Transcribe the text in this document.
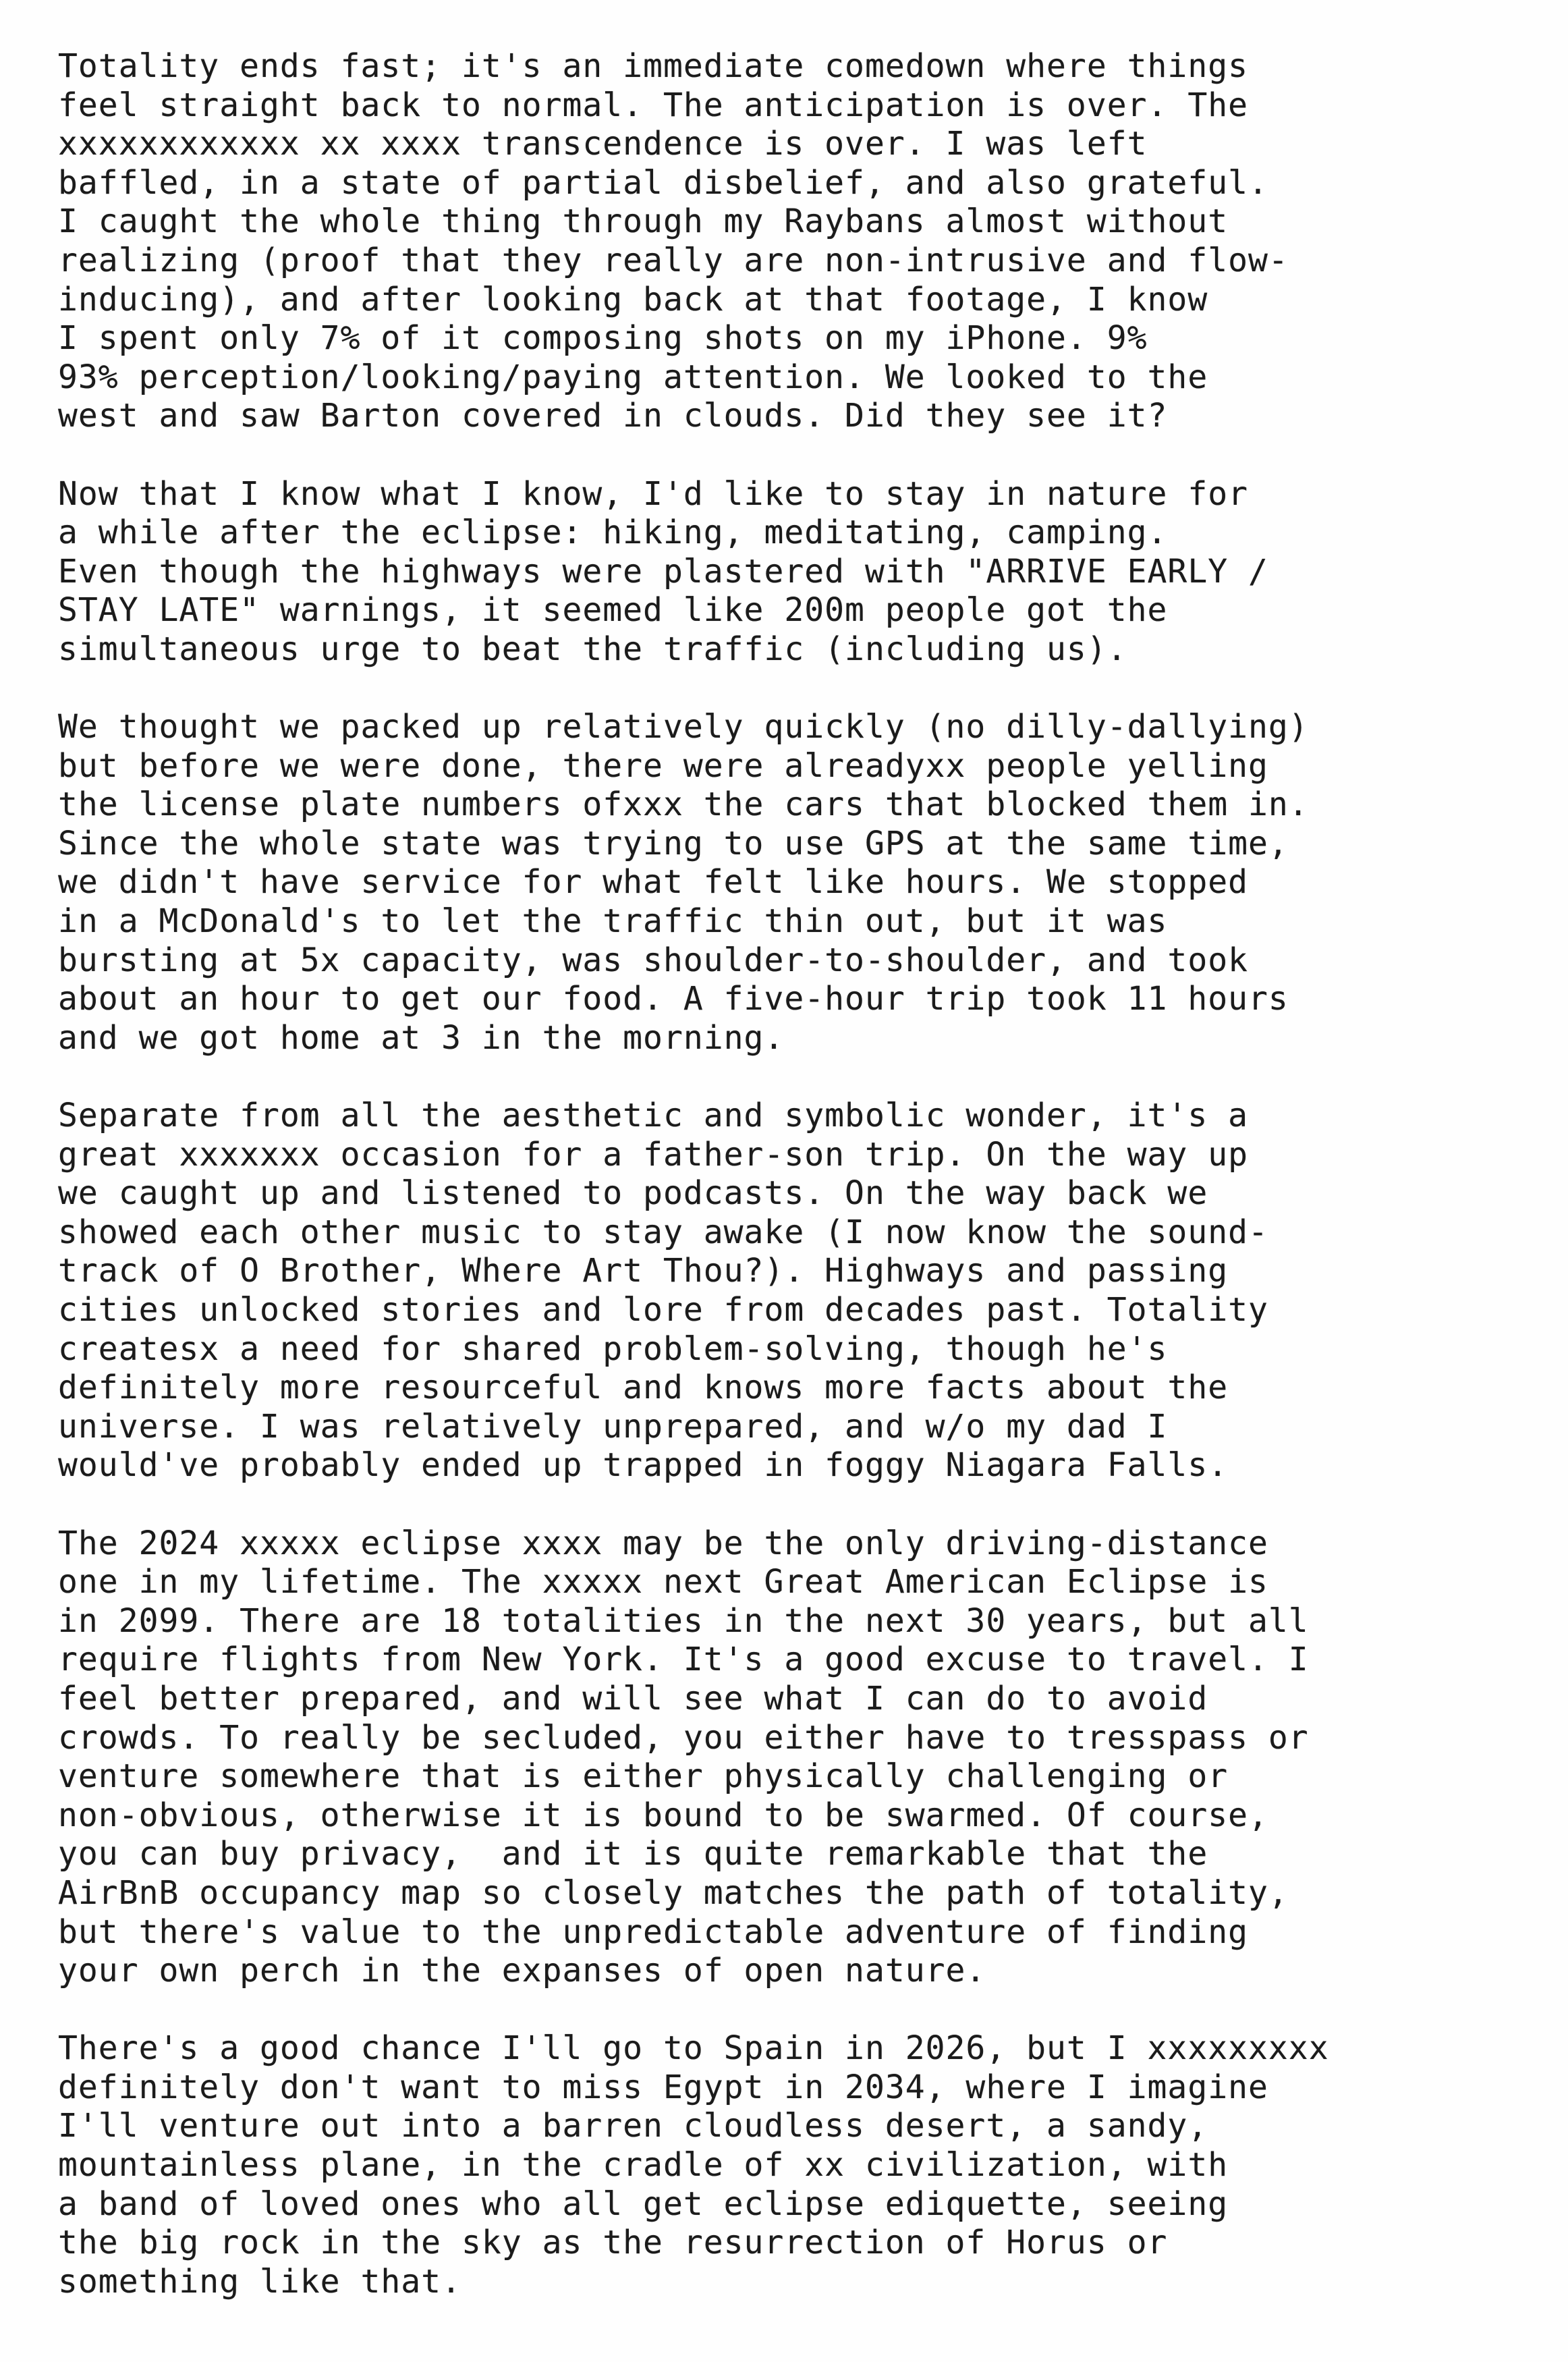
Totality ends fast; it's an immediate comedown where things
feel straight back to normal. The anticipation is over. The
xxxxxxxxxxxx xx xxxx transcendence is over. I was left
baffled, in a state of partial disbelief, and also grateful.
I caught the whole thing through my Raybans almost without
realizing (proof that they really are non-intrusive and flow-
inducing), and after looking back at that footage, I know
I spent only 7% of it composing shots on my iPhone. 9%
93% perception/looking/paying attention. We looked to the
west and saw Barton covered in clouds. Did they see it?
Now that I know what I know, I'd like to stay in nature for
a while after the eclipse: hiking, meditating, camping.
Even though the highways were plastered with "ARRIVE EARLY /
STAY LATE" warnings, it seemed like 200m people got the
simultaneous urge to beat the traffic (including us).
We thought we packed up relatively quickly (no dilly-dallying)
but before we were done, there were alreadyxx people yelling
the license plate numbers ofxxx the cars that blocked them in.
Since the whole state was trying to use GPS at the same time,
we didn't have service for what felt like hours. We stopped
in a McDonald's to let the traffic thin out, but it was
bursting at 5x capacity, was shoulder-to-shoulder, and took
about an hour to get our food. A five-hour trip took 11 hours
and we got home at 3 in the morning.
Separate from all the aesthetic and symbolic wonder, it's a
great xxxxxxx occasion for a father-son trip. On the way up
we caught up and listened to podcasts. On the way back we
showed each other music to stay awake (I now know the sound-
track of O Brother, Where Art Thou?). Highways and passing
cities unlocked stories and lore from decades past. Totality
createsx a need for shared problem-solving, though he's
definitely more resourceful and knows more facts about the
universe. I was relatively unprepared, and w/o my dad I
would've probably ended up trapped in foggy Niagara Falls.
The 2024 xxxxx eclipse xxxx may be the only driving-distance
one in my lifetime. The xxxxx next Great American Eclipse is
in 2099. There are 18 totalities in the next 30 years, but all
require flights from New York. It's a good excuse to travel. I
feel better prepared, and will see what I can do to avoid
crowds. To really be secluded, you either have to tresspass or
venture somewhere that is either physically challenging or
non-obvious, otherwise it is bound to be swarmed. Of course,
you can buy privacy,  and it is quite remarkable that the
AirBnB occupancy map so closely matches the path of totality,
but there's value to the unpredictable adventure of finding
your own perch in the expanses of open nature.
There's a good chance I'll go to Spain in 2026, but I xxxxxxxxx
definitely don't want to miss Egypt in 2034, where I imagine
I'll venture out into a barren cloudless desert, a sandy,
mountainless plane, in the cradle of xx civilization, with
a band of loved ones who all get eclipse ediquette, seeing
the big rock in the sky as the resurrection of Horus or
something like that.
